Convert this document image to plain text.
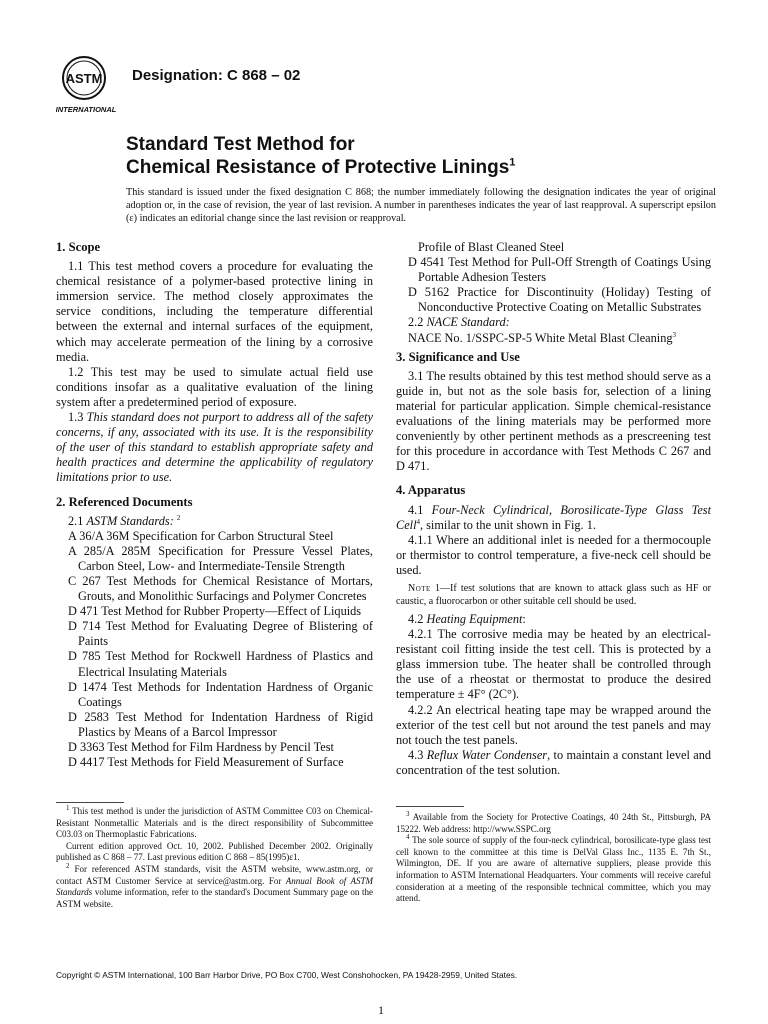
ASTM
INTERNATIONAL
Designation: C 868 – 02
Standard Test Method for
Chemical Resistance of Protective Linings$^1$
This standard is issued under the fixed designation C 868; the number immediately following the designation indicates the year of original adoption or, in the case of revision, the year of last revision. A number in parentheses indicates the year of last reapproval. A superscript epsilon (ε) indicates an editorial change since the last revision or reapproval.
1. Scope

1.1 This test method covers a procedure for evaluating the chemical resistance of a polymer-based protective lining in immersion service. The method closely approximates the service conditions, including the temperature differential between the external and internal surfaces of the equipment, which may accelerate permeation of the lining by a corrosive media.

1.2 This test may be used to simulate actual field use conditions insofar as a qualitative evaluation of the lining system after a predetermined period of exposure.

1.3 This standard does not purport to address all of the safety concerns, if any, associated with its use. It is the responsibility of the user of this standard to establish appropriate safety and health practices and determine the applicability of regulatory limitations prior to use.

2. Referenced Documents

2.1 ASTM Standards: $^2$

A 36/A 36M Specification for Carbon Structural Steel

A 285/A 285M Specification for Pressure Vessel Plates, Carbon Steel, Low- and Intermediate-Tensile Strength

C 267 Test Methods for Chemical Resistance of Mortars, Grouts, and Monolithic Surfacings and Polymer Concretes

D 471 Test Method for Rubber Property—Effect of Liquids

D 714 Test Method for Evaluating Degree of Blistering of Paints

D 785 Test Method for Rockwell Hardness of Plastics and Electrical Insulating Materials

D 1474 Test Methods for Indentation Hardness of Organic Coatings

D 2583 Test Method for Indentation Hardness of Rigid Plastics by Means of a Barcol Impressor

D 3363 Test Method for Film Hardness by Pencil Test

D 4417 Test Methods for Field Measurement of Surface

Profile of Blast Cleaned Steel

D 4541 Test Method for Pull-Off Strength of Coatings Using Portable Adhesion Testers

D 5162 Practice for Discontinuity (Holiday) Testing of Nonconductive Protective Coating on Metallic Substrates

2.2 NACE Standard:

NACE No. 1/SSPC-SP-5 White Metal Blast Cleaning$^3$

3. Significance and Use

3.1 The results obtained by this test method should serve as a guide in, but not as the sole basis for, selection of a lining material for particular application. Simple chemical-resistance evaluations of the lining materials may be performed more conveniently by other pertinent methods as a prescreening test for this procedure in accordance with Test Methods C 267 and D 471.

4. Apparatus

4.1 Four-Neck Cylindrical, Borosilicate-Type Glass Test Cell$^4$, similar to the unit shown in Fig. 1.

4.1.1 Where an additional inlet is needed for a thermocouple or thermistor to control temperature, a five-neck cell should be used.

Note 1—If test solutions that are known to attack glass such as HF or caustic, a fluorocarbon or other suitable cell should be used.

4.2 Heating Equipment:

4.2.1 The corrosive media may be heated by an electrical-resistant coil fitting inside the test cell. This is protected by a glass immersion tube. The heater shall be controlled through the use of a rheostat or thermostat to produce the desired temperature ± 4F° (2C°).

4.2.2 An electrical heating tape may be wrapped around the exterior of the test cell but not around the test panels and may not touch the test panels.

4.3 Reflux Water Condenser, to maintain a constant level and concentration of the test solution.

$^1$ This test method is under the jurisdiction of ASTM Committee C03 on Chemical-Resistant Nonmetallic Materials and is the direct responsibility of Subcommittee C03.03 on Thermoplastic Fabrications.

Current edition approved Oct. 10, 2002. Published December 2002. Originally published as C 868 – 77. Last previous edition C 868 – 85(1995)ε1.

$^2$ For referenced ASTM standards, visit the ASTM website, www.astm.org, or contact ASTM Customer Service at service@astm.org. For Annual Book of ASTM Standards volume information, refer to the standard's Document Summary page on the ASTM website.

$^3$ Available from the Society for Protective Coatings, 40 24th St., Pittsburgh, PA 15222. Web address: http://www.SSPC.org

$^4$ The sole source of supply of the four-neck cylindrical, borosilicate-type glass test cell known to the committee at this time is DelVal Glass Inc., 1135 E. 7th St., Wilmington, DE. If you are aware of alternative suppliers, please provide this information to ASTM International Headquarters. Your comments will receive careful consideration at a meeting of the responsible technical committee, which you may attend.

Copyright © ASTM International, 100 Barr Harbor Drive, PO Box C700, West Conshohocken, PA 19428-2959, United States.
1
